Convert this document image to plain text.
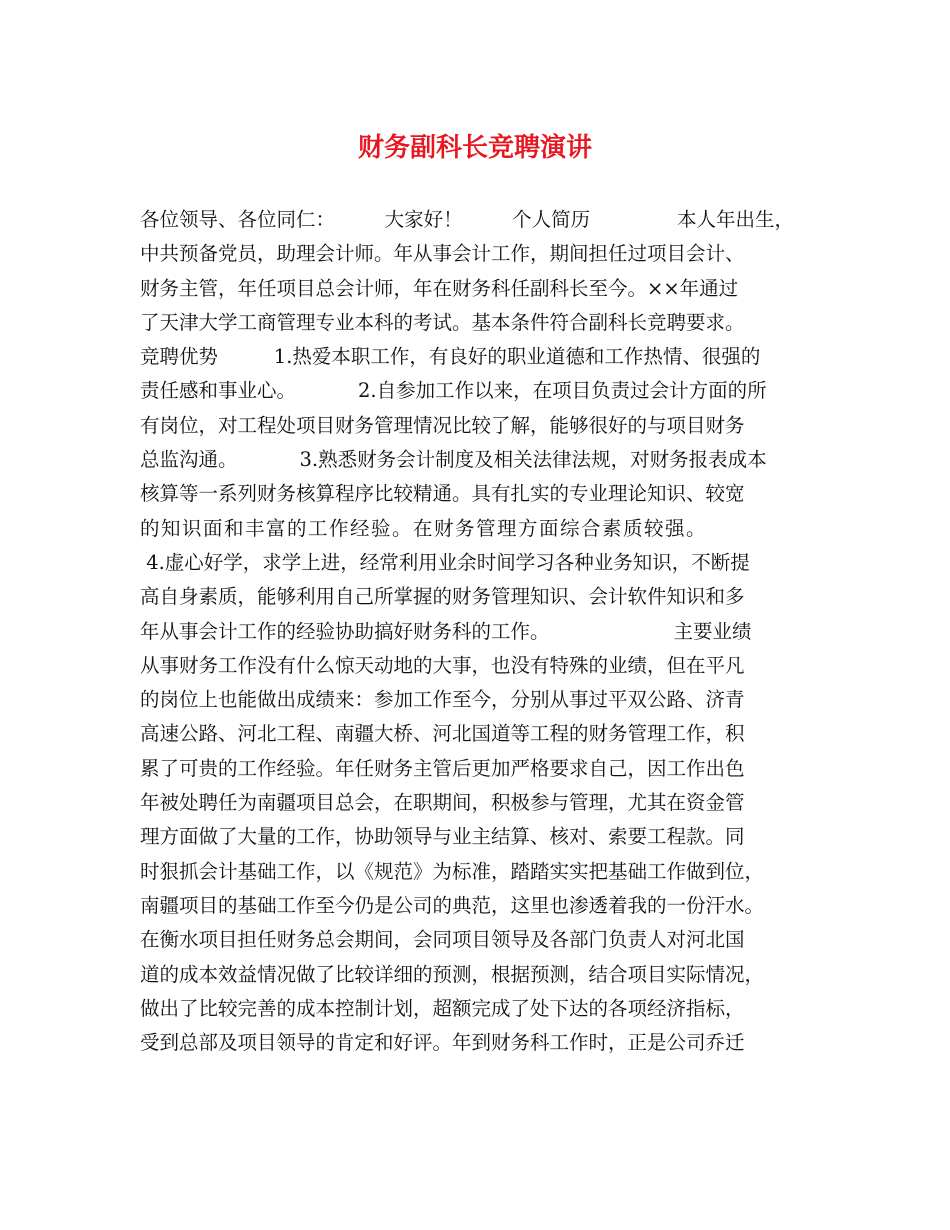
财务副科长竞聘演讲
各位领导、各位同仁：        大家好！        个人简历              本人年出生，
中共预备党员，助理会计师。年从事会计工作，期间担任过项目会计、
财务主管，年任项目总会计师，年在财务科任副科长至今。××年通过
了天津大学工商管理专业本科的考试。基本条件符合副科长竞聘要求。
竞聘优势         1.热爱本职工作，有良好的职业道德和工作热情、很强的
责任感和事业心。          2.自参加工作以来，在项目负责过会计方面的所
有岗位，对工程处项目财务管理情况比较了解，能够很好的与项目财务
总监沟通。          3.熟悉财务会计制度及相关法律法规，对财务报表成本
核算等一系列财务核算程序比较精通。具有扎实的专业理论知识、较宽
的知识面和丰富的工作经验。在财务管理方面综合素质较强。
4.虚心好学，求学上进，经常利用业余时间学习各种业务知识，不断提
高自身素质，能够利用自己所掌握的财务管理知识、会计软件知识和多
年从事会计工作的经验协助搞好财务科的工作。                    主要业绩
从事财务工作没有什么惊天动地的大事，也没有特殊的业绩，但在平凡
的岗位上也能做出成绩来：参加工作至今，分别从事过平双公路、济青
高速公路、河北工程、南疆大桥、河北国道等工程的财务管理工作，积
累了可贵的工作经验。年任财务主管后更加严格要求自己，因工作出色
年被处聘任为南疆项目总会，在职期间，积极参与管理，尤其在资金管
理方面做了大量的工作，协助领导与业主结算、核对、索要工程款。同
时狠抓会计基础工作，以《规范》为标准，踏踏实实把基础工作做到位，
南疆项目的基础工作至今仍是公司的典范，这里也渗透着我的一份汗水。
在衡水项目担任财务总会期间，会同项目领导及各部门负责人对河北国
道的成本效益情况做了比较详细的预测，根据预测，结合项目实际情况，
做出了比较完善的成本控制计划，超额完成了处下达的各项经济指标，
受到总部及项目领导的肯定和好评。年到财务科工作时，正是公司乔迁
